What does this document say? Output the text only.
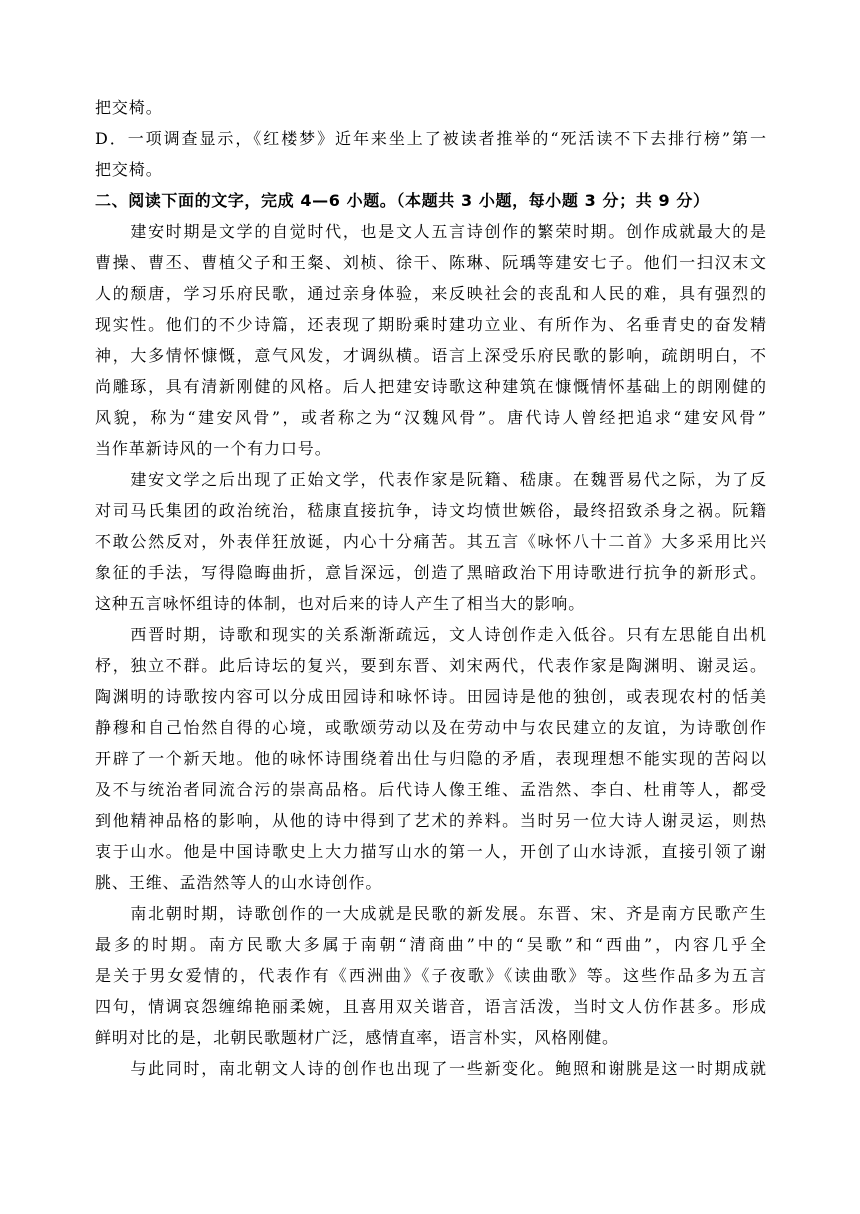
把交椅。
D．一项调查显示，《红楼梦》近年来坐上了被读者推举的“死活读不下去排行榜”第一
把交椅。
二、阅读下面的文字，完成 4—6 小题。（本题共 3 小题，每小题 3 分；共 9 分）
　　建安时期是文学的自觉时代，也是文人五言诗创作的繁荣时期。创作成就最大的是
曹操、曹丕、曹植父子和王粲、刘桢、徐干、陈琳、阮瑀等建安七子。他们一扫汉末文
人的颓唐，学习乐府民歌，通过亲身体验，来反映社会的丧乱和人民的难，具有强烈的
现实性。他们的不少诗篇，还表现了期盼乘时建功立业、有所作为、名垂青史的奋发精
神，大多情怀慷慨，意气风发，才调纵横。语言上深受乐府民歌的影响，疏朗明白，不
尚雕琢，具有清新刚健的风格。后人把建安诗歌这种建筑在慷慨情怀基础上的朗刚健的
风貌，称为“建安风骨”，或者称之为“汉魏风骨”。唐代诗人曾经把追求“建安风骨”
当作革新诗风的一个有力口号。
　　建安文学之后出现了正始文学，代表作家是阮籍、嵇康。在魏晋易代之际，为了反
对司马氏集团的政治统治，嵇康直接抗争，诗文均愤世嫉俗，最终招致杀身之祸。阮籍
不敢公然反对，外表佯狂放诞，内心十分痛苦。其五言《咏怀八十二首》大多采用比兴
象征的手法，写得隐晦曲折，意旨深远，创造了黑暗政治下用诗歌进行抗争的新形式。
这种五言咏怀组诗的体制，也对后来的诗人产生了相当大的影响。
　　西晋时期，诗歌和现实的关系渐渐疏远，文人诗创作走入低谷。只有左思能自出机
杼，独立不群。此后诗坛的复兴，要到东晋、刘宋两代，代表作家是陶渊明、谢灵运。
陶渊明的诗歌按内容可以分成田园诗和咏怀诗。田园诗是他的独创，或表现农村的恬美
静穆和自己怡然自得的心境，或歌颂劳动以及在劳动中与农民建立的友谊，为诗歌创作
开辟了一个新天地。他的咏怀诗围绕着出仕与归隐的矛盾，表现理想不能实现的苦闷以
及不与统治者同流合污的崇高品格。后代诗人像王维、孟浩然、李白、杜甫等人，都受
到他精神品格的影响，从他的诗中得到了艺术的养料。当时另一位大诗人谢灵运，则热
衷于山水。他是中国诗歌史上大力描写山水的第一人，开创了山水诗派，直接引领了谢
朓、王维、孟浩然等人的山水诗创作。
　　南北朝时期，诗歌创作的一大成就是民歌的新发展。东晋、宋、齐是南方民歌产生
最多的时期。南方民歌大多属于南朝“清商曲”中的“吴歌”和“西曲”，内容几乎全
是关于男女爱情的，代表作有《西洲曲》《子夜歌》《读曲歌》等。这些作品多为五言
四句，情调哀怨缠绵艳丽柔婉，且喜用双关谐音，语言活泼，当时文人仿作甚多。形成
鲜明对比的是，北朝民歌题材广泛，感情直率，语言朴实，风格刚健。
　　与此同时，南北朝文人诗的创作也出现了一些新变化。鲍照和谢朓是这一时期成就
